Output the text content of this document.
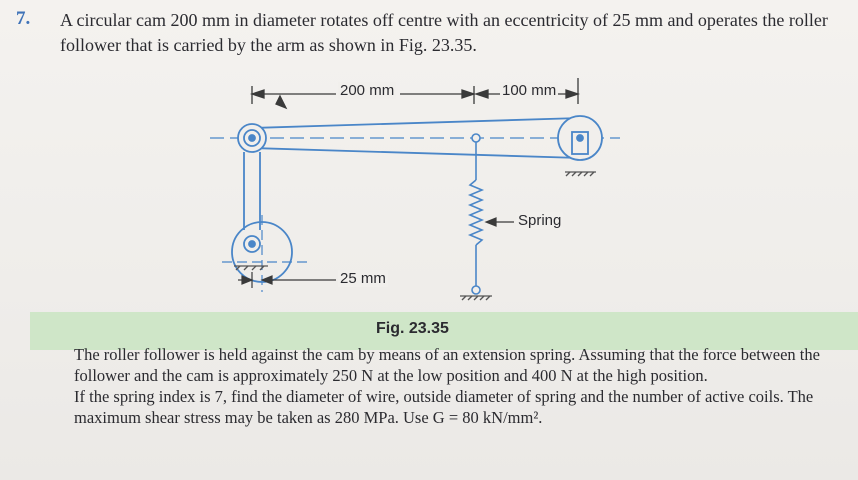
7. A circular cam 200 mm in diameter rotates off centre with an eccentricity of 25 mm and operates the roller follower that is carried by the arm as shown in Fig. 23.35.
200 mm	100 mm
25 mm
Spring
Fig. 23.35

The roller follower is held against the cam by means of an extension spring. Assuming that the force between the follower and the cam is approximately 250 N at the low position and 400 N at the high position.

If the spring index is 7, find the diameter of wire, outside diameter of spring and the number of active coils. The maximum shear stress may be taken as 280 MPa. Use G = 80 kN/mm².
